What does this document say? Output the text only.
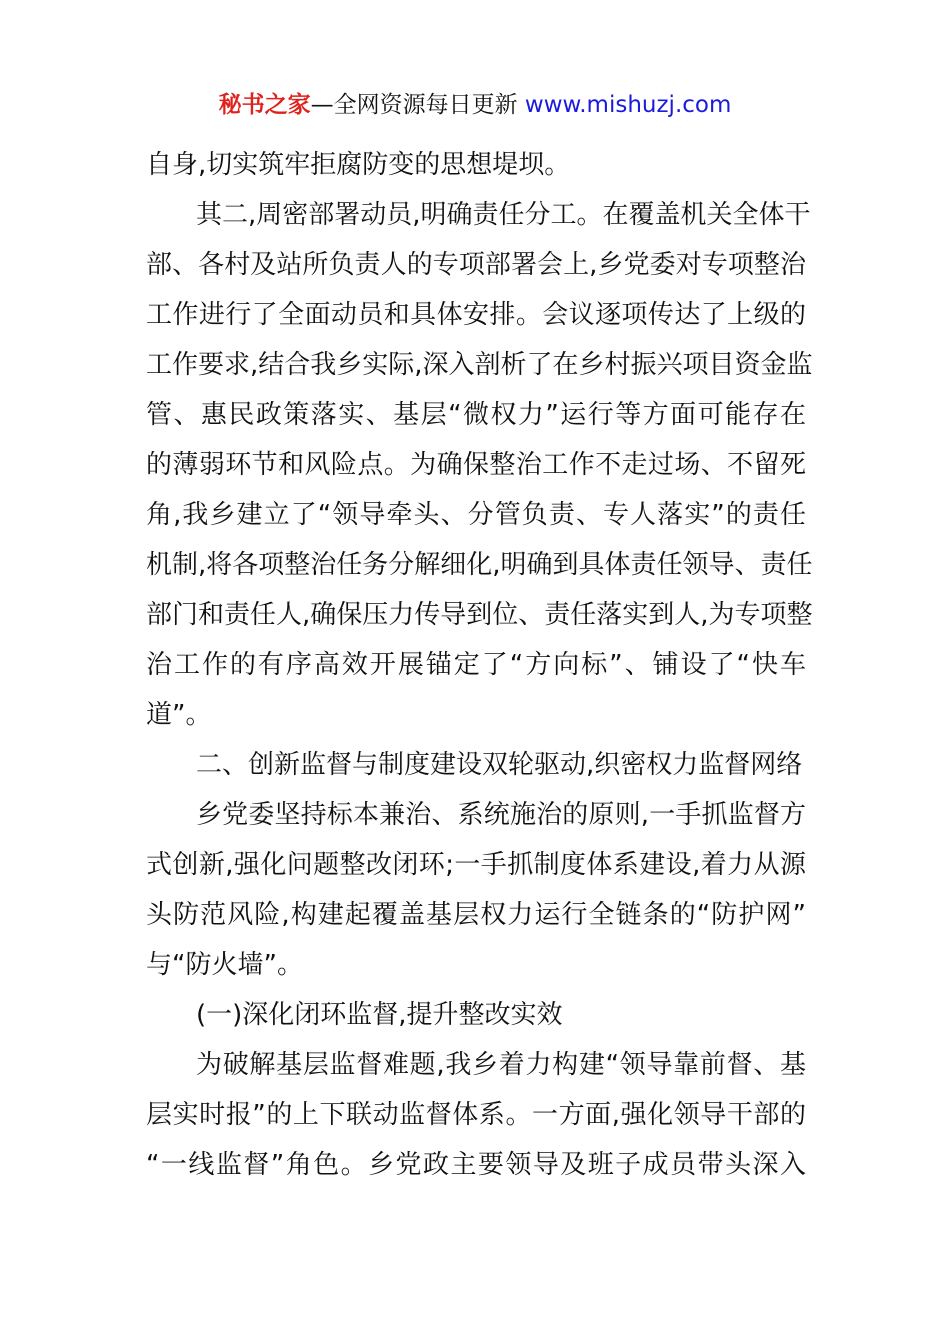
秘书之家—全网资源每日更新 www.mishuzj.com
自身,切实筑牢拒腐防变的思想堤坝。
其二,周密部署动员,明确责任分工。在覆盖机关全体干
部、各村及站所负责人的专项部署会上,乡党委对专项整治
工作进行了全面动员和具体安排。会议逐项传达了上级的
工作要求,结合我乡实际,深入剖析了在乡村振兴项目资金监
管、惠民政策落实、基层“微权力”运行等方面可能存在
的薄弱环节和风险点。为确保整治工作不走过场、不留死
角,我乡建立了“领导牵头、分管负责、专人落实”的责任
机制,将各项整治任务分解细化,明确到具体责任领导、责任
部门和责任人,确保压力传导到位、责任落实到人,为专项整
治工作的有序高效开展锚定了“方向标”、铺设了“快车
道”。
二、创新监督与制度建设双轮驱动,织密权力监督网络
乡党委坚持标本兼治、系统施治的原则,一手抓监督方
式创新,强化问题整改闭环;一手抓制度体系建设,着力从源
头防范风险,构建起覆盖基层权力运行全链条的“防护网”
与“防火墙”。
(一)深化闭环监督,提升整改实效
为破解基层监督难题,我乡着力构建“领导靠前督、基
层实时报”的上下联动监督体系。一方面,强化领导干部的
“一线监督”角色。乡党政主要领导及班子成员带头深入
